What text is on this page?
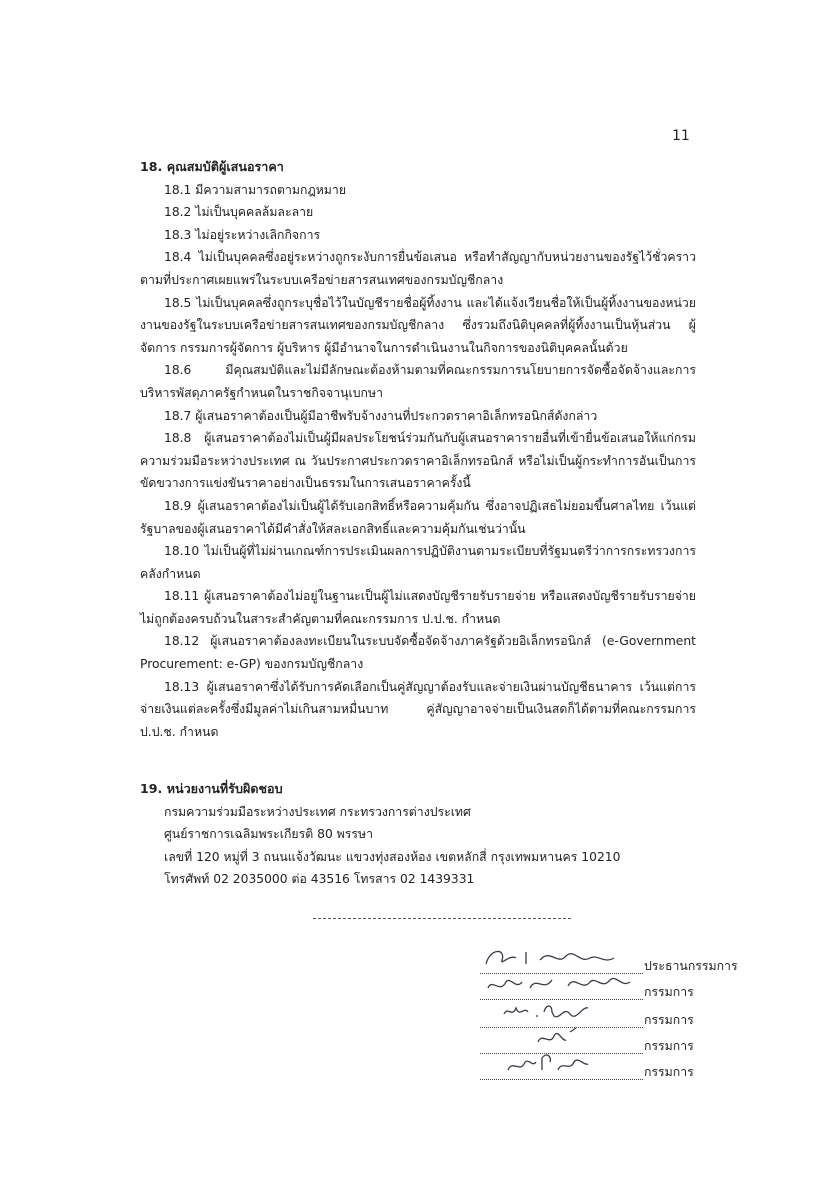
11
18. คุณสมบัติผู้เสนอราคา
18.1 มีความสามารถตามกฎหมาย
18.2 ไม่เป็นบุคคลล้มละลาย
18.3 ไม่อยู่ระหว่างเลิกกิจการ
18.4 ไม่เป็นบุคคลซึ่งอยู่ระหว่างถูกระงับการยื่นข้อเสนอ หรือทำสัญญากับหน่วยงานของรัฐไว้ชั่วคราวตามที่ประกาศเผยแพร่ในระบบเครือข่ายสารสนเทศของกรมบัญชีกลาง
18.5 ไม่เป็นบุคคลซึ่งถูกระบุชื่อไว้ในบัญชีรายชื่อผู้ทิ้งงาน และได้แจ้งเวียนชื่อให้เป็นผู้ทิ้งงานของหน่วยงานของรัฐในระบบเครือข่ายสารสนเทศของกรมบัญชีกลาง ซึ่งรวมถึงนิติบุคคลที่ผู้ทิ้งงานเป็นหุ้นส่วน ผู้จัดการ กรรมการผู้จัดการ ผู้บริหาร ผู้มีอำนาจในการดำเนินงานในกิจการของนิติบุคคลนั้นด้วย
18.6 มีคุณสมบัติและไม่มีลักษณะต้องห้ามตามที่คณะกรรมการนโยบายการจัดซื้อจัดจ้างและการบริหารพัสดุภาครัฐกำหนดในราชกิจจานุเบกษา
18.7 ผู้เสนอราคาต้องเป็นผู้มีอาชีพรับจ้างงานที่ประกวดราคาอิเล็กทรอนิกส์ดังกล่าว
18.8 ผู้เสนอราคาต้องไม่เป็นผู้มีผลประโยชน์ร่วมกันกับผู้เสนอราคารายอื่นที่เข้ายื่นข้อเสนอให้แก่กรมความร่วมมือระหว่างประเทศ ณ วันประกาศประกวดราคาอิเล็กทรอนิกส์ หรือไม่เป็นผู้กระทำการอันเป็นการขัดขวางการแข่งขันราคาอย่างเป็นธรรมในการเสนอราคาครั้งนี้
18.9 ผู้เสนอราคาต้องไม่เป็นผู้ได้รับเอกสิทธิ์หรือความคุ้มกัน ซึ่งอาจปฏิเสธไม่ยอมขึ้นศาลไทย เว้นแต่รัฐบาลของผู้เสนอราคาได้มีคำสั่งให้สละเอกสิทธิ์และความคุ้มกันเช่นว่านั้น
18.10 ไม่เป็นผู้ที่ไม่ผ่านเกณฑ์การประเมินผลการปฏิบัติงานตามระเบียบที่รัฐมนตรีว่าการกระทรวงการคลังกำหนด
18.11 ผู้เสนอราคาต้องไม่อยู่ในฐานะเป็นผู้ไม่แสดงบัญชีรายรับรายจ่าย หรือแสดงบัญชีรายรับรายจ่ายไม่ถูกต้องครบถ้วนในสาระสำคัญตามที่คณะกรรมการ ป.ป.ช. กำหนด
18.12 ผู้เสนอราคาต้องลงทะเบียนในระบบจัดซื้อจัดจ้างภาครัฐด้วยอิเล็กทรอนิกส์ (e-Government Procurement: e-GP) ของกรมบัญชีกลาง
18.13 ผู้เสนอราคาซึ่งได้รับการคัดเลือกเป็นคู่สัญญาต้องรับและจ่ายเงินผ่านบัญชีธนาคาร เว้นแต่การจ่ายเงินแต่ละครั้งซึ่งมีมูลค่าไม่เกินสามหมื่นบาท คู่สัญญาอาจจ่ายเป็นเงินสดก็ได้ตามที่คณะกรรมการ ป.ป.ช. กำหนด
19. หน่วยงานที่รับผิดชอบ
กรมความร่วมมือระหว่างประเทศ กระทรวงการต่างประเทศ
ศูนย์ราชการเฉลิมพระเกียรติ 80 พรรษา
เลขที่ 120 หมู่ที่ 3 ถนนแจ้งวัฒนะ แขวงทุ่งสองห้อง เขตหลักสี่ กรุงเทพมหานคร 10210
โทรศัพท์ 02 2035000 ต่อ 43516 โทรสาร 02 1439331
ประธานกรรมการ
กรรมการ
กรรมการ
กรรมการ
กรรมการ
